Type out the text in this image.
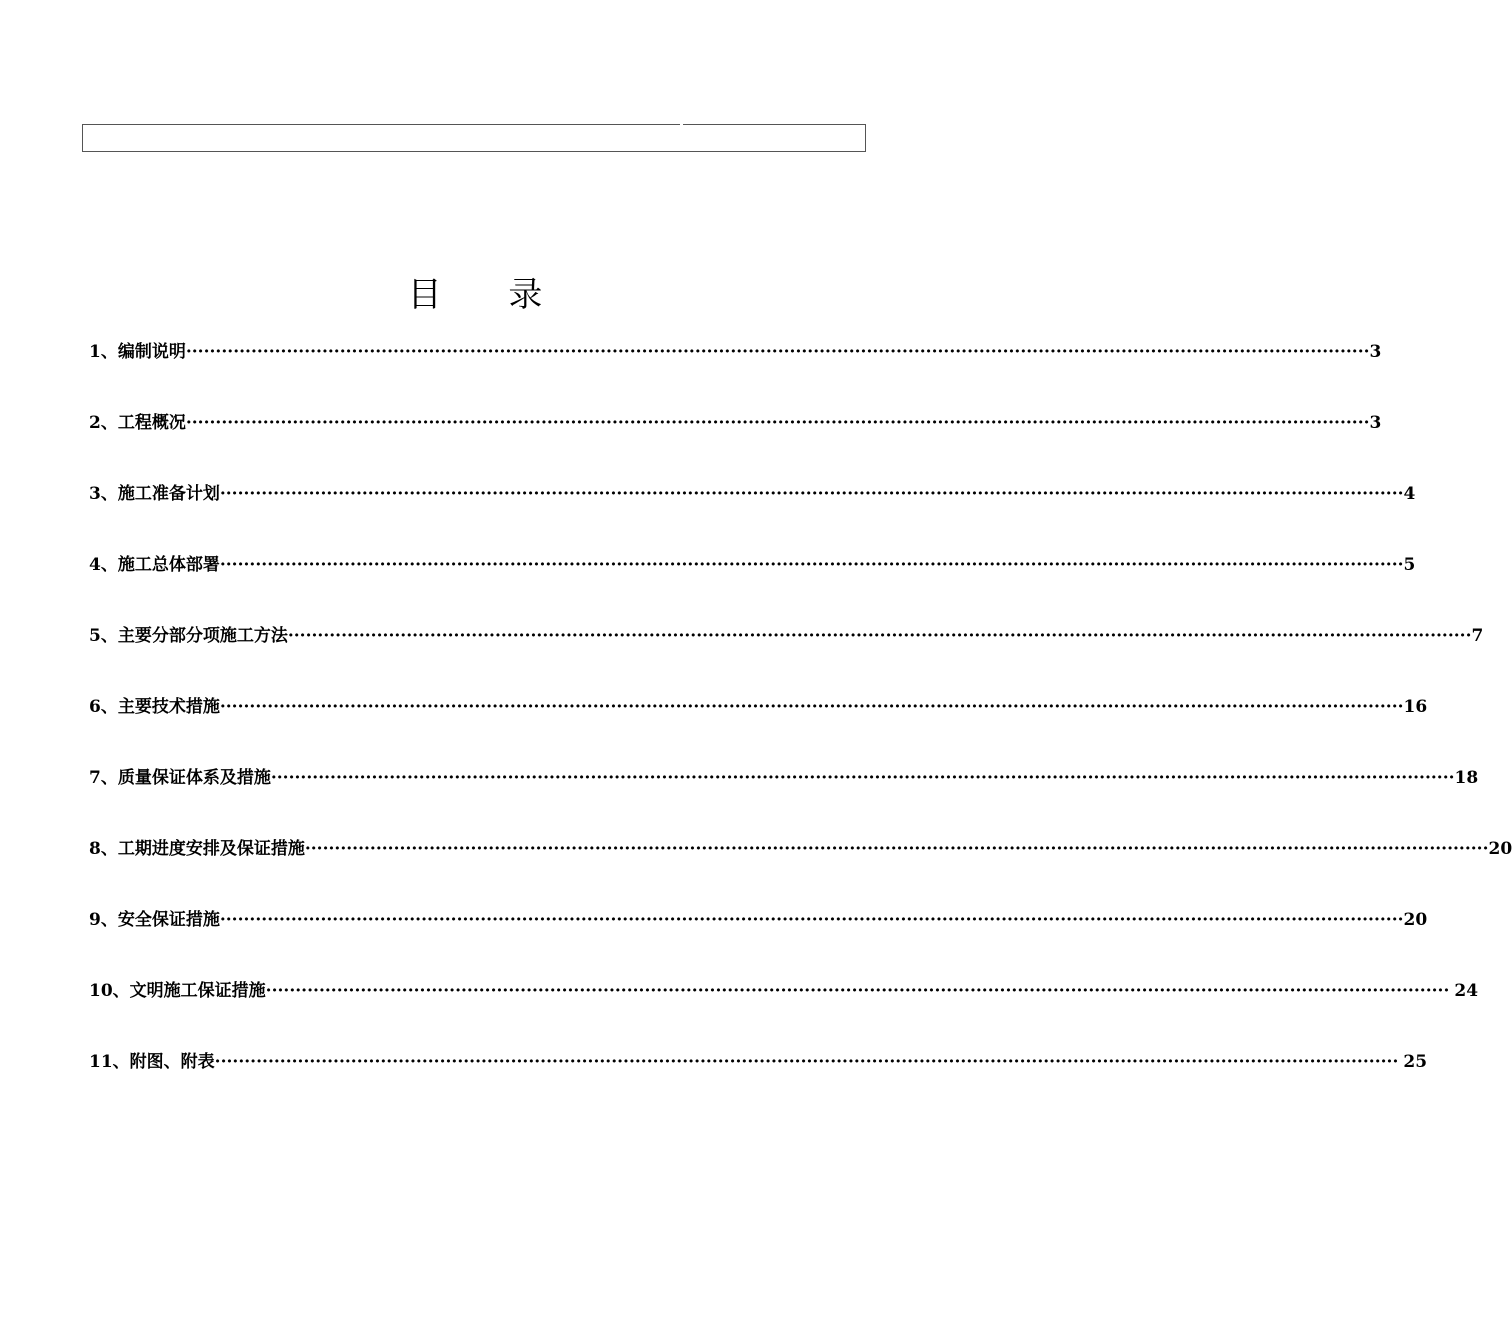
目 录
1、编制说明 ········································································································································································································ 3
2、工程概况 ········································································································································································································ 3
3、施工准备计划 ········································································································································································································ 4
4、施工总体部署 ········································································································································································································ 5
5、主要分部分项施工方法 ········································································································································································································ 7
6、主要技术措施 ········································································································································································································ 16
7、质量保证体系及措施 ········································································································································································································ 18
8、工期进度安排及保证措施 ········································································································································································································ 20
9、安全保证措施 ········································································································································································································ 20
10、文明施工保证措施 ········································································································································································································ 24
11、附图、附表 ········································································································································································································ 25
